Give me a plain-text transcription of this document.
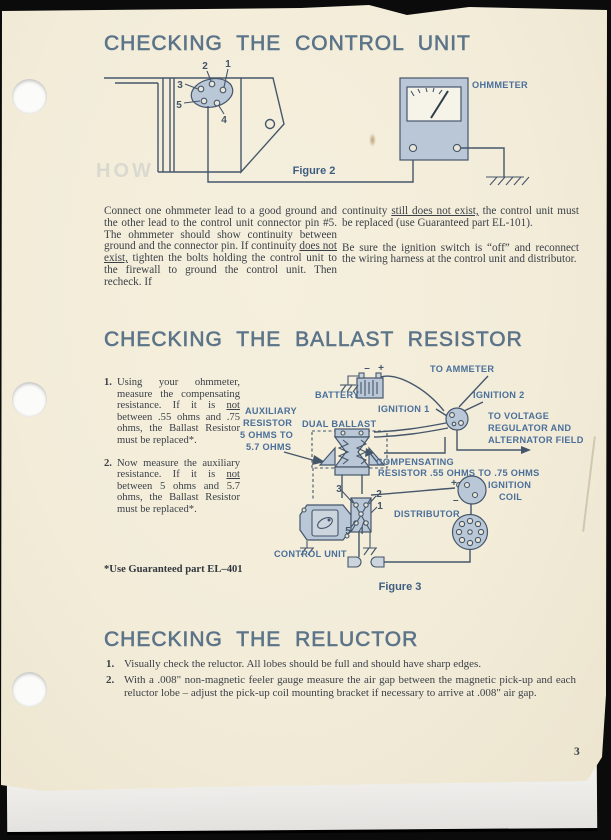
HOW
CHECKING THE CONTROL UNIT
2 1
3
5
4
OHMMETER
Figure 2

Connect one ohmmeter lead to a good ground and the other lead to the control unit connector pin #5. The ohmmeter should show continuity between ground and the connector pin. If continuity does not exist, tighten the bolts holding the control unit to the firewall to ground the control unit. Then recheck. If

continuity still does not exist, the control unit must be replaced (use Guaranteed part EL-101).

Be sure the ignition switch is “off” and reconnect the wiring harness at the control unit and distributor.

CHECKING THE BALLAST RESISTOR
1. Using your ohmmeter, measure the compensating resistance. If it is not between .55 ohms and .75 ohms, the Ballast Resistor must be replaced*.
2. Now measure the auxiliary resistance. If it is not between 5 ohms and 5.7 ohms, the Ballast Resistor must be replaced*.
*Use Guaranteed part EL–401
– +	TO AMMETER
BATTERY
IGNITION 1
IGNITION 2
TO VOLTAGE
REGULATOR AND
ALTERNATOR FIELD
AUXILIARY
RESISTOR
5 OHMS TO
5.7 OHMS
DUAL BALLAST
COMPENSATING
RESISTOR .55 OHMS TO .75 OHMS
IGNITION
COIL
+
–
DISTRIBUTOR
CONTROL UNIT
3	2
1
5 4
Figure 3
CHECKING THE RELUCTOR
1. Visually check the reluctor. All lobes should be full and should have sharp edges.
2. With a .008" non-magnetic feeler gauge measure the air gap between the magnetic pick-up and each reluctor lobe – adjust the pick-up coil mounting bracket if necessary to arrive at .008" air gap.
3
